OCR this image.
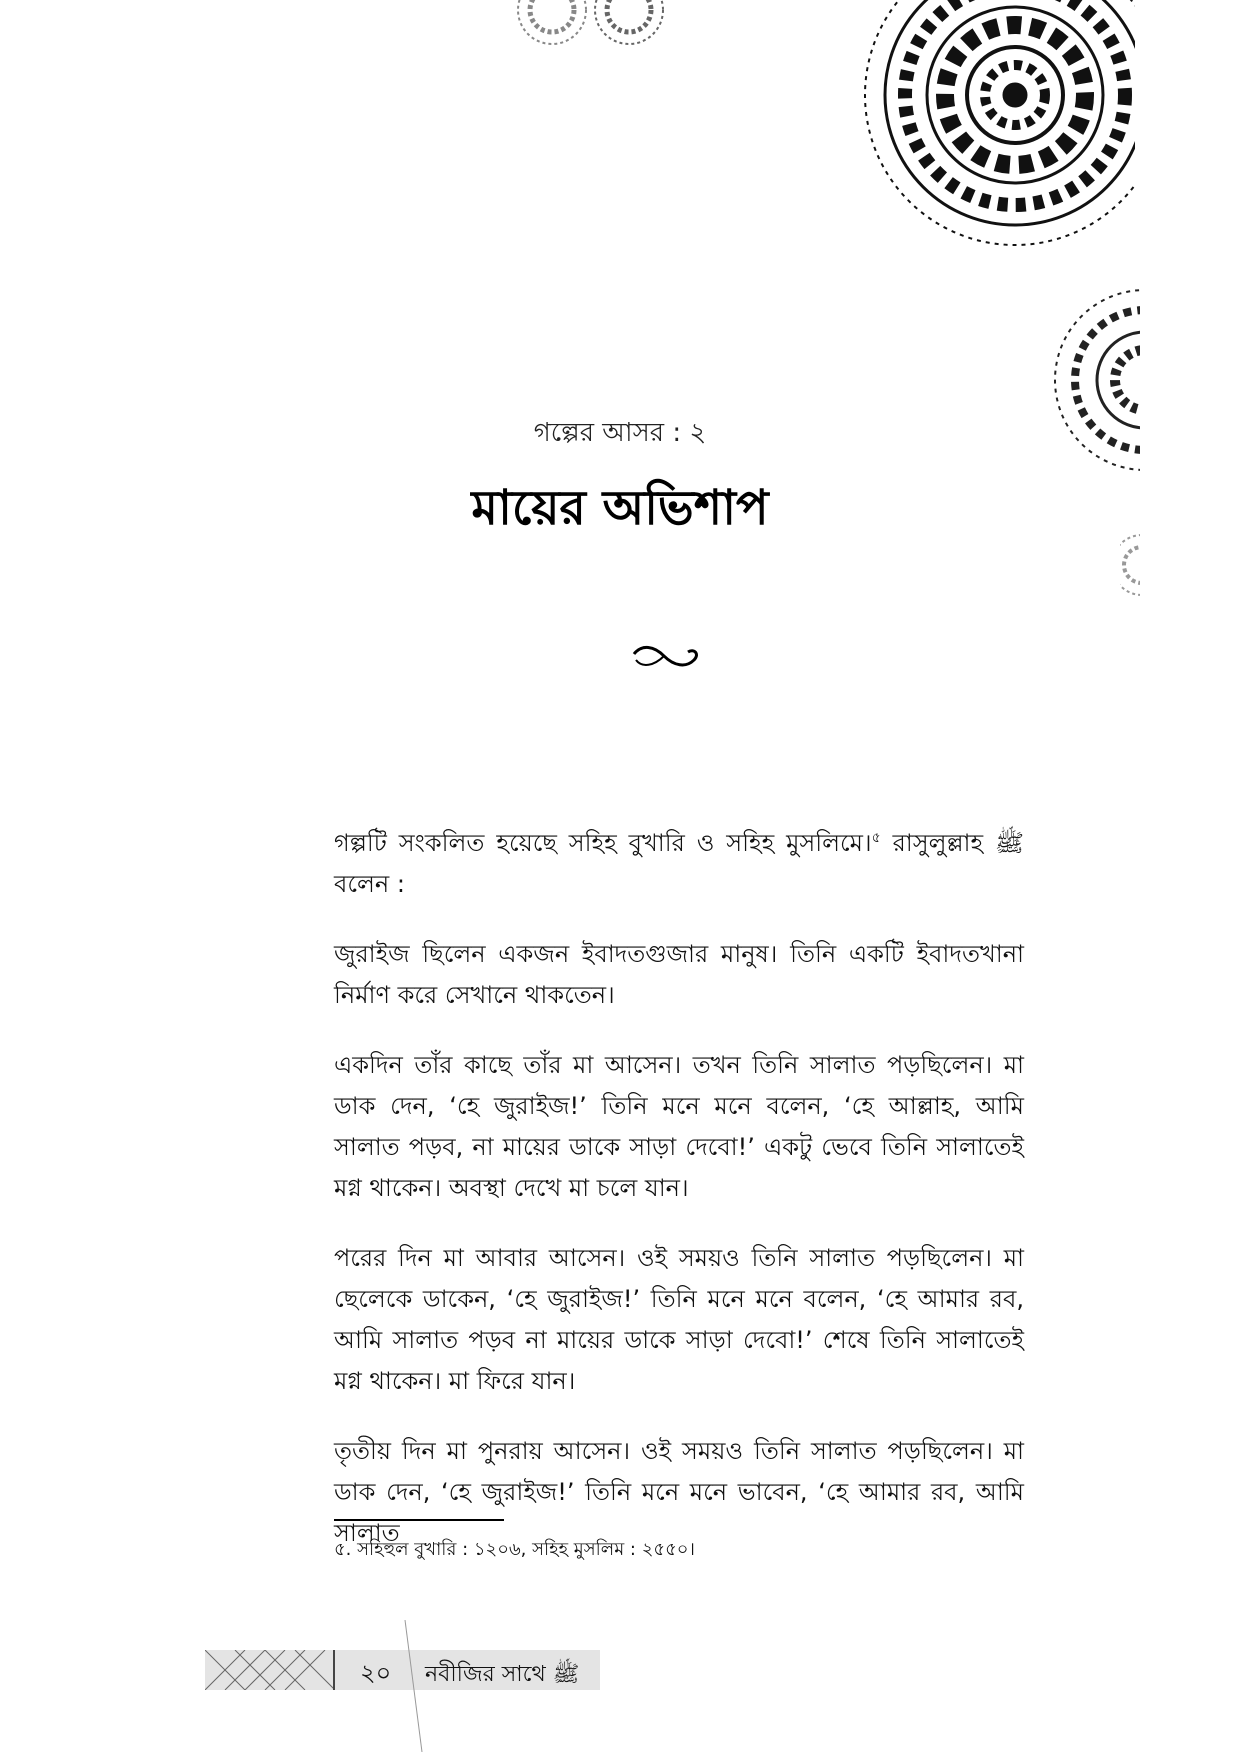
গল্পের আসর : ২
মায়ের অভিশাপ

গল্পটি সংকলিত হয়েছে সহিহ বুখারি ও সহিহ মুসলিমে।$^৫$ রাসুলুল্লাহ ﷺ বলেন :

জুরাইজ ছিলেন একজন ইবাদতগুজার মানুষ। তিনি একটি ইবাদতখানা নির্মাণ করে সেখানে থাকতেন।

একদিন তাঁর কাছে তাঁর মা আসেন। তখন তিনি সালাত পড়ছিলেন। মা ডাক দেন, ‘হে জুরাইজ!’ তিনি মনে মনে বলেন, ‘হে আল্লাহ, আমি সালাত পড়ব, না মায়ের ডাকে সাড়া দেবো!’ একটু ভেবে তিনি সালাতেই মগ্ন থাকেন। অবস্থা দেখে মা চলে যান।

পরের দিন মা আবার আসেন। ওই সময়ও তিনি সালাত পড়ছিলেন। মা ছেলেকে ডাকেন, ‘হে জুরাইজ!’ তিনি মনে মনে বলেন, ‘হে আমার রব, আমি সালাত পড়ব না মায়ের ডাকে সাড়া দেবো!’ শেষে তিনি সালাতেই মগ্ন থাকেন। মা ফিরে যান।

তৃতীয় দিন মা পুনরায় আসেন। ওই সময়ও তিনি সালাত পড়ছিলেন। মা ডাক দেন, ‘হে জুরাইজ!’ তিনি মনে মনে ভাবেন, ‘হে আমার রব, আমি সালাত

৫. সহিহুল বুখারি : ১২০৬, সহিহ মুসলিম : ২৫৫০।
২০ নবীজির সাথে ﷺ
